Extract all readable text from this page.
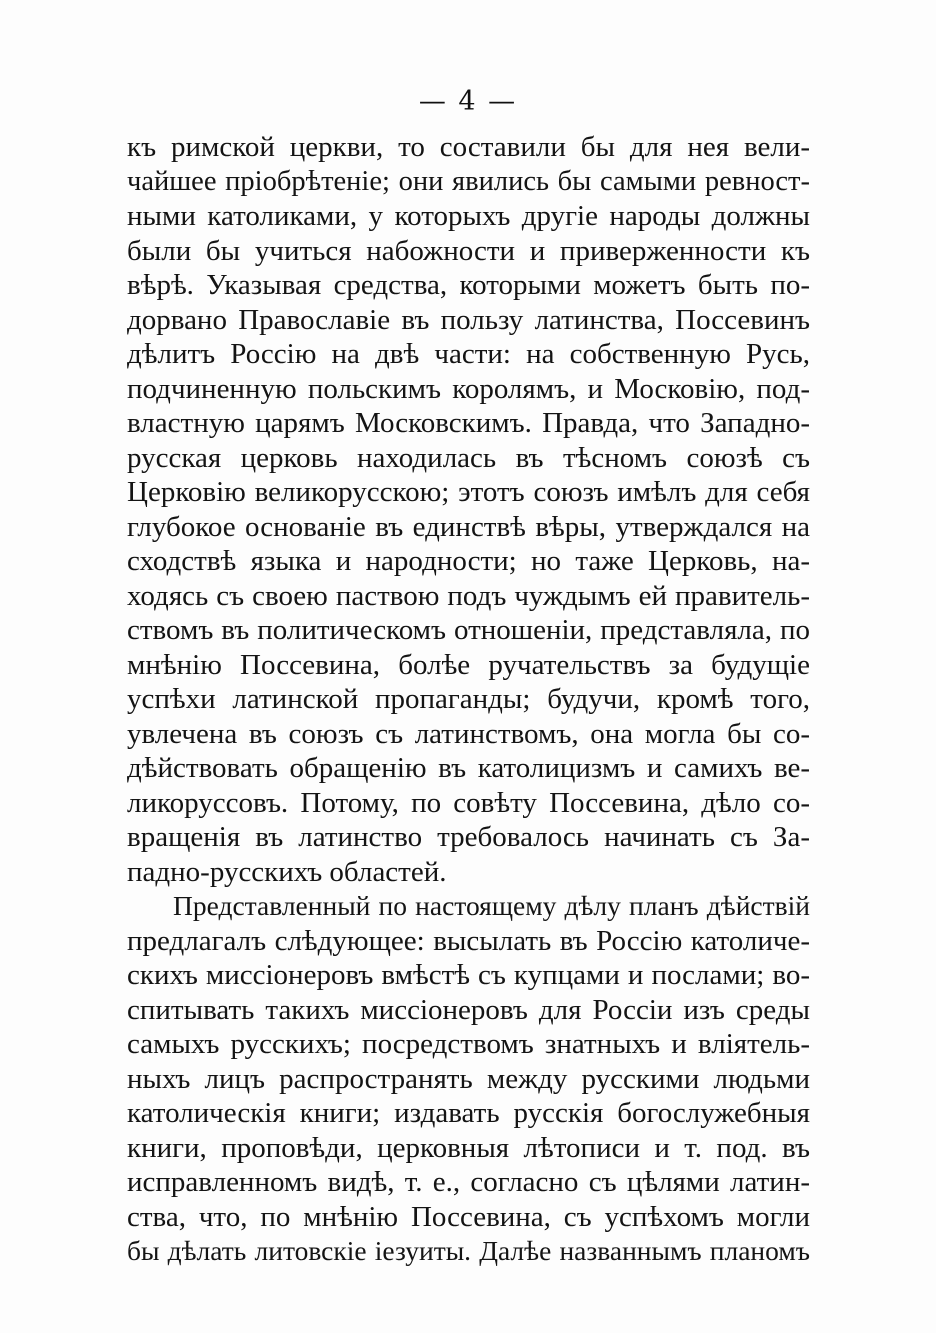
— 4 —
къ римской церкви, то составили бы для нея вели-
чайшее пріобрѣтеніе; они явились бы самыми ревност-
ными католиками, у которыхъ другіе народы должны
были бы учиться набожности и приверженности къ
вѣрѣ. Указывая средства, которыми можетъ быть по-
дорвано Православіе въ пользу латинства, Поссевинъ
дѣлитъ Россію на двѣ части: на собственную Русь,
подчиненную польскимъ королямъ, и Московію, под-
властную царямъ Московскимъ. Правда, что Западно-
русская церковь находилась въ тѣсномъ союзѣ съ
Церковію великорусскою; этотъ союзъ имѣлъ для себя
глубокое основаніе въ единствѣ вѣры, утверждался на
сходствѣ языка и народности; но таже Церковь, на-
ходясь съ своею паствою подъ чуждымъ ей правитель-
ствомъ въ политическомъ отношеніи, представляла, по
мнѣнію Поссевина, болѣе ручательствъ за будущіе
успѣхи латинской пропаганды; будучи, кромѣ того,
увлечена въ союзъ съ латинствомъ, она могла бы со-
дѣйствовать обращенію въ католицизмъ и самихъ ве-
ликоруссовъ. Потому, по совѣту Поссевина, дѣло со-
вращенія въ латинство требовалось начинать съ За-
падно-русскихъ областей.
Представленный по настоящему дѣлу планъ дѣйствій
предлагалъ слѣдующее: высылать въ Россію католиче-
скихъ миссіонеровъ вмѣстѣ съ купцами и послами; во-
спитывать такихъ миссіонеровъ для Россіи изъ среды
самыхъ русскихъ; посредствомъ знатныхъ и вліятель-
ныхъ лицъ распространять между русскими людьми
католическія книги; издавать русскія богослужебныя
книги, проповѣди, церковныя лѣтописи и т. под. въ
исправленномъ видѣ, т. е., согласно съ цѣлями латин-
ства, что, по мнѣнію Поссевина, съ успѣхомъ могли
бы дѣлать литовскіе іезуиты. Далѣе названнымъ планомъ
